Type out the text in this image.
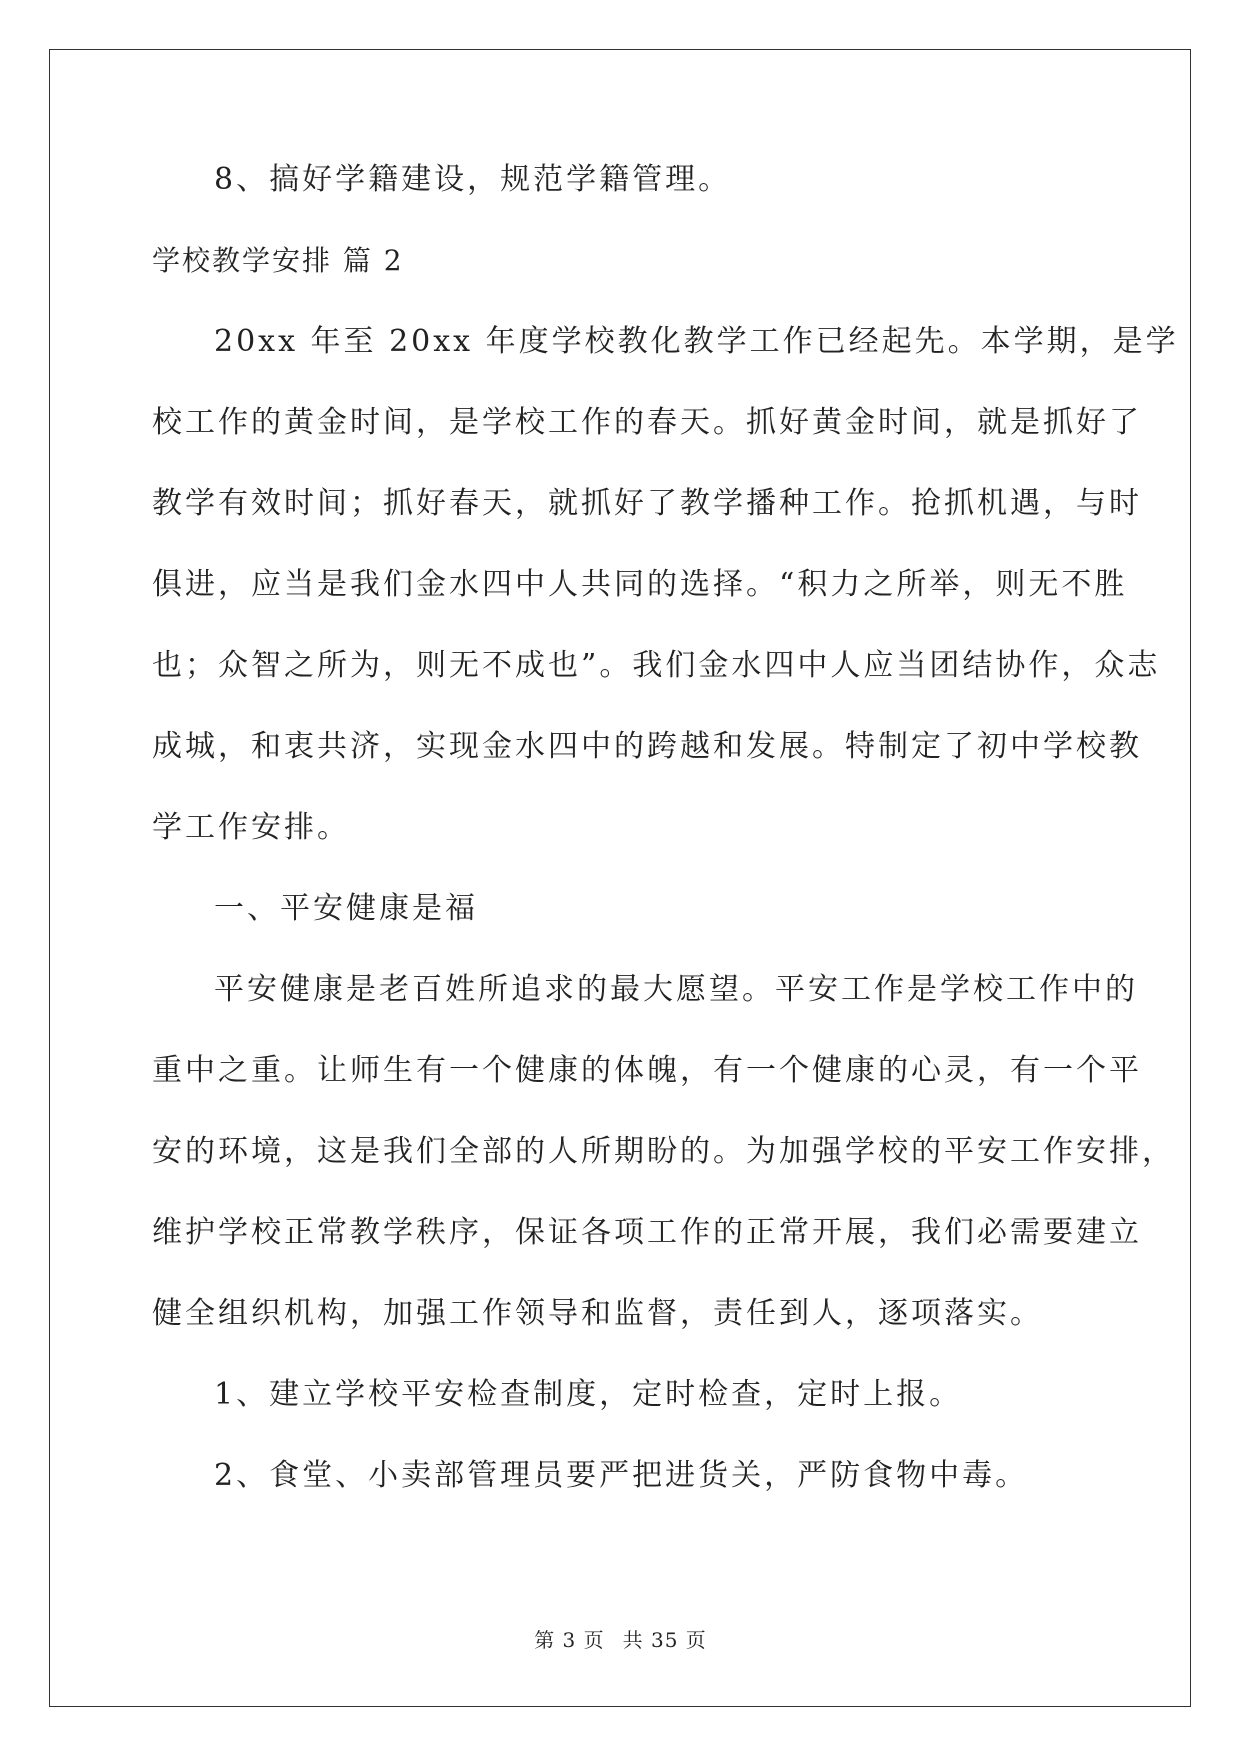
8、搞好学籍建设，规范学籍管理。

学校教学安排 篇 2

20xx 年至 20xx 年度学校教化教学工作已经起先。本学期，是学

校工作的黄金时间，是学校工作的春天。抓好黄金时间，就是抓好了

教学有效时间；抓好春天，就抓好了教学播种工作。抢抓机遇，与时

俱进，应当是我们金水四中人共同的选择。“积力之所举，则无不胜

也；众智之所为，则无不成也”。我们金水四中人应当团结协作，众志

成城，和衷共济，实现金水四中的跨越和发展。特制定了初中学校教

学工作安排。

一、平安健康是福

平安健康是老百姓所追求的最大愿望。平安工作是学校工作中的

重中之重。让师生有一个健康的体魄，有一个健康的心灵，有一个平

安的环境，这是我们全部的人所期盼的。为加强学校的平安工作安排，

维护学校正常教学秩序，保证各项工作的正常开展，我们必需要建立

健全组织机构，加强工作领导和监督，责任到人，逐项落实。

1、建立学校平安检查制度，定时检查，定时上报。

2、食堂、小卖部管理员要严把进货关，严防食物中毒。

第 3 页 共 35 页
